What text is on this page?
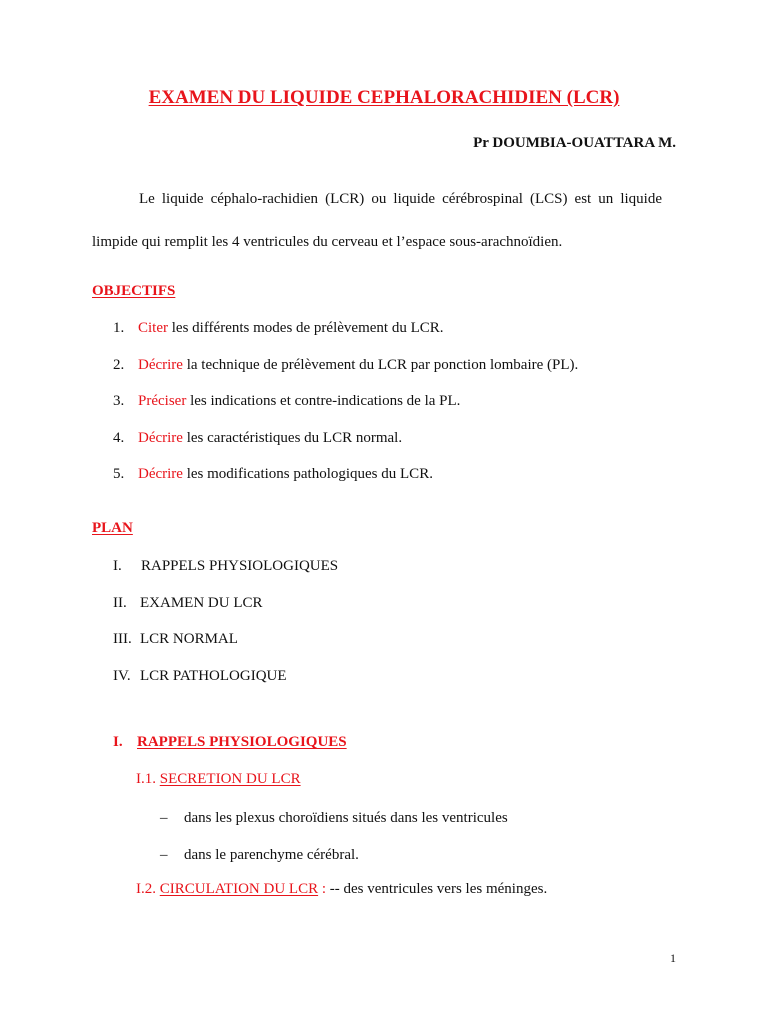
EXAMEN DU LIQUIDE CEPHALORACHIDIEN (LCR)
Pr DOUMBIA-OUATTARA M.

Le liquide céphalo-rachidien (LCR) ou liquide cérébrospinal (LCS) est un liquide limpide qui remplit les 4 ventricules du cerveau et l’espace sous-arachnoïdien.

OBJECTIFS
1. Citer les différents modes de prélèvement du LCR.
2. Décrire la technique de prélèvement du LCR par ponction lombaire (PL).
3. Préciser les indications et contre-indications de la PL.
4. Décrire les caractéristiques du LCR normal.
5. Décrire les modifications pathologiques du LCR.
PLAN
I. RAPPELS PHYSIOLOGIQUES
II. EXAMEN DU LCR
III. LCR NORMAL
IV. LCR PATHOLOGIQUE
I. RAPPELS PHYSIOLOGIQUES
I.1. SECRETION DU LCR
– dans les plexus choroïdiens situés dans les ventricules
– dans le parenchyme cérébral.
I.2. CIRCULATION DU LCR : -- des ventricules vers les méninges.
1
